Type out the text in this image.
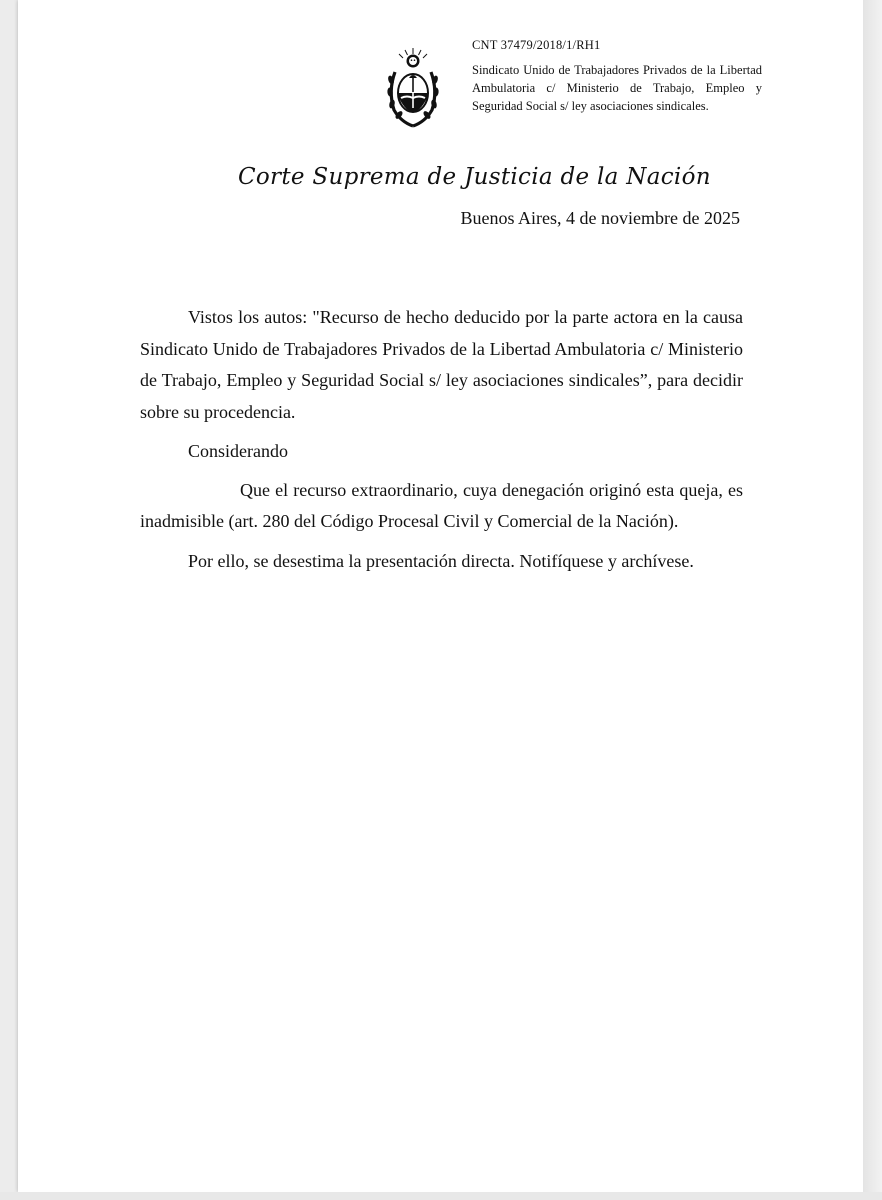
CNT 37479/2018/1/RH1
Sindicato Unido de Trabajadores Privados de la Libertad Ambulatoria c/ Ministerio de Trabajo, Empleo y Seguridad Social s/ ley asociaciones sindicales.
Corte Suprema de Justicia de la Nación
Buenos Aires, 4 de noviembre de 2025

Vistos los autos: "Recurso de hecho deducido por la parte actora en la causa Sindicato Unido de Trabajadores Privados de la Libertad Ambulatoria c/ Ministerio de Trabajo, Empleo y Seguridad Social s/ ley asociaciones sindicales”, para decidir sobre su procedencia.

Considerando

Que el recurso extraordinario, cuya denegación originó esta queja, es inadmisible (art. 280 del Código Procesal Civil y Comercial de la Nación).

Por ello, se desestima la presentación directa. Notifíquese y archívese.
